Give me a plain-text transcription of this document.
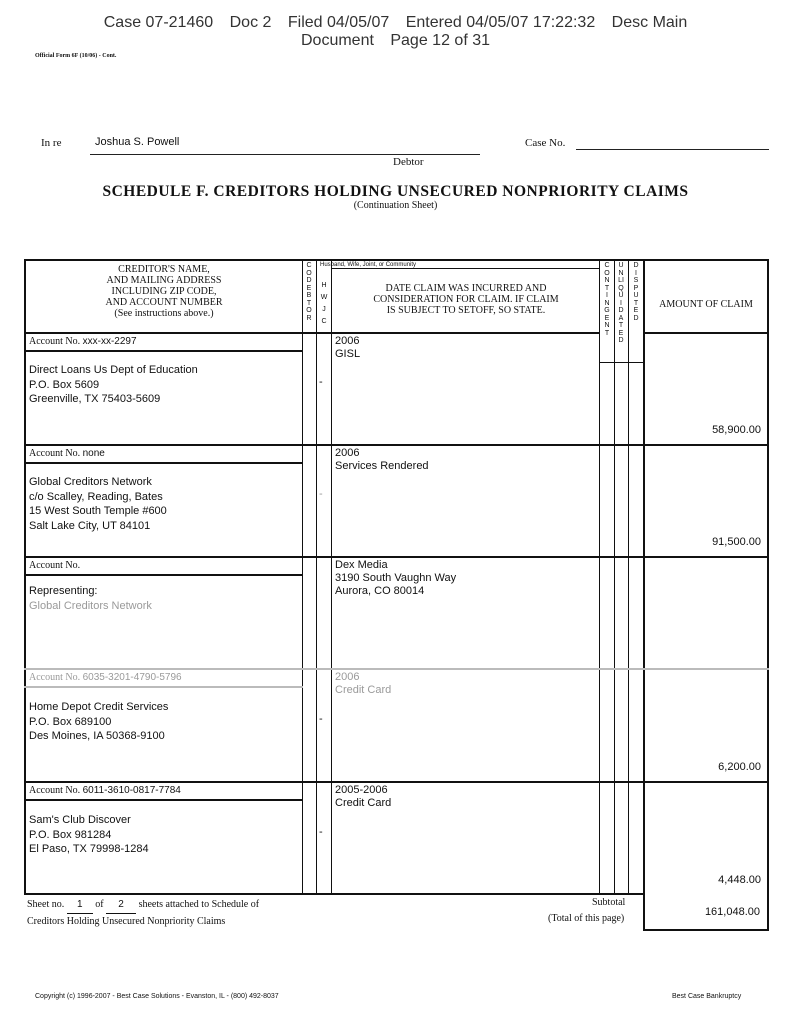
Case 07-21460 Doc 2 Filed 04/05/07 Entered 04/05/07 17:22:32 Desc Main
Document Page 12 of 31
Official Form 6F (10/06) - Cont.
In re	Joshua S. Powell
Debtor
Case No.
SCHEDULE F. CREDITORS HOLDING UNSECURED NONPRIORITY CLAIMS
(Continuation Sheet)
CREDITOR'S NAME,
AND MAILING ADDRESS
INCLUDING ZIP CODE,
AND ACCOUNT NUMBER
(See instructions above.)
CODEBTOR
Husband, Wife, Joint, or Community
H W J C
DATE CLAIM WAS INCURRED AND
CONSIDERATION FOR CLAIM. IF CLAIM
IS SUBJECT TO SETOFF, SO STATE.
CONTINGENT
UNLIQUIDATED
DISPUTED
AMOUNT OF CLAIM
Account No. xxx-xx-2297
Direct Loans Us Dept of Education
P.O. Box 5609
Greenville, TX 75403-5609
-
2006
GISL
58,900.00
Account No. none
Global Creditors Network
c/o Scalley, Reading, Bates
15 West South Temple #600
Salt Lake City, UT 84101
-
2006
Services Rendered
91,500.00
Account No.
Representing:
Global Creditors Network
Dex Media
3190 South Vaughn Way
Aurora, CO 80014
Account No. 6035-3201-4790-5796
Home Depot Credit Services
P.O. Box 689100
Des Moines, IA 50368-9100
-
2006
Credit Card
6,200.00
Account No. 6011-3610-0817-7784
Sam's Club Discover
P.O. Box 981284
El Paso, TX 79998-1284
-
2005-2006
Credit Card
4,448.00
Sheet no. 1 of 2 sheets attached to Schedule of
Creditors Holding Unsecured Nonpriority Claims
Subtotal
(Total of this page)
161,048.00
Copyright (c) 1996-2007 - Best Case Solutions - Evanston, IL - (800) 492-8037	Best Case Bankruptcy
